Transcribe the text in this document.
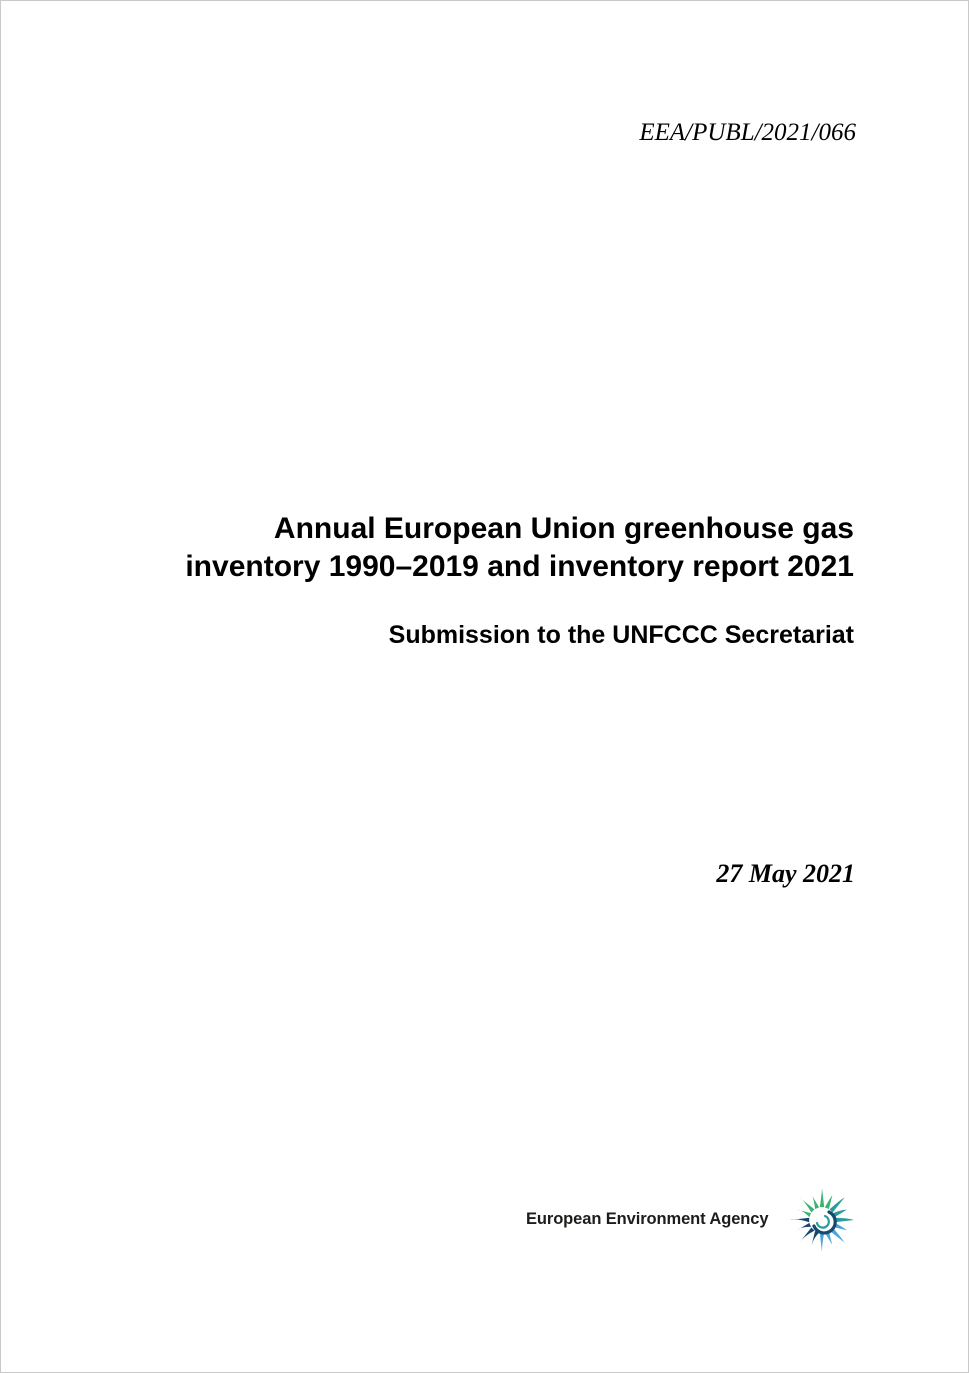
EEA/PUBL/2021/066
Annual European Union greenhouse gas
inventory 1990–2019 and inventory report 2021
Submission to the UNFCCC Secretariat
27 May 2021
European Environment Agency
